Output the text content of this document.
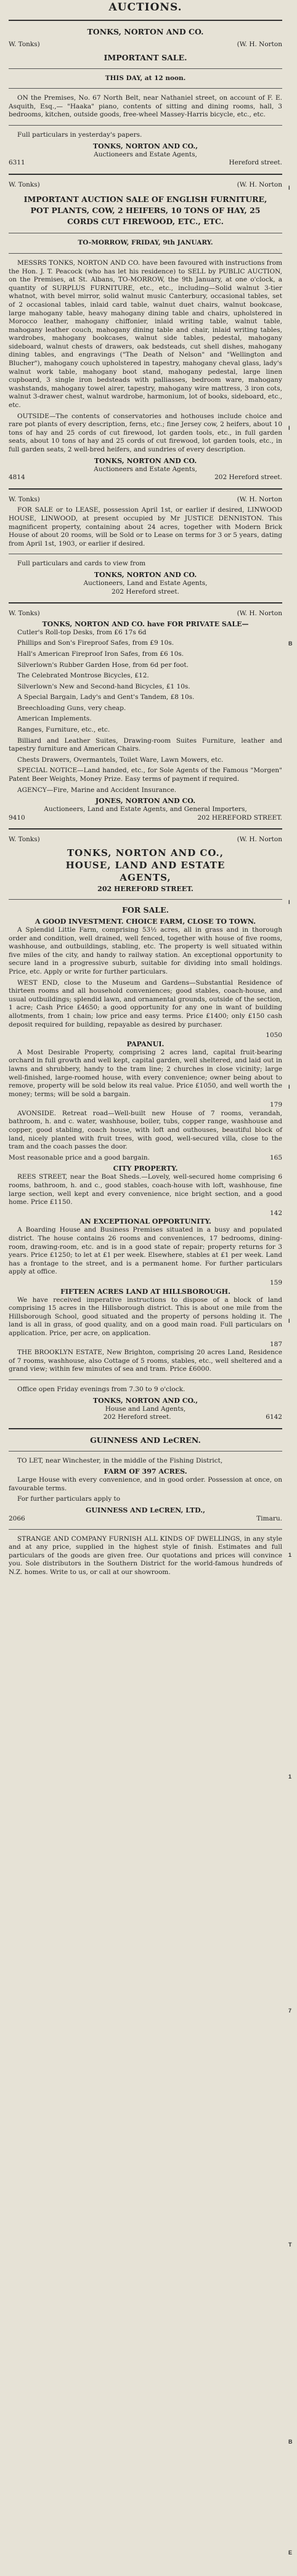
I
I
B
I
I
I
1
1
7
T
B
E
AUCTIONS.
TONKS, NORTON AND CO.
W. Tonks)	(W. H. Norton
IMPORTANT SALE.
THIS DAY, at 12 noon.

ON the Premises, No. 67 North Belt, near Nathaniel street, on account of F. E. Asquith, Esq.,— "Haaka" piano, contents of sitting and dining rooms, hall, 3 bedrooms, kitchen, outside goods, free-wheel Massey-Harris bicycle, etc., etc.

Full particulars in yesterday's papers.

TONKS, NORTON AND CO.,
Auctioneers and Estate Agents,
6311	Hereford street.
W. Tonks)	(W. H. Norton
IMPORTANT AUCTION SALE OF ENGLISH FURNITURE, POT PLANTS, COW, 2 HEIFERS, 10 TONS OF HAY, 25 CORDS CUT FIREWOOD, ETC., ETC.
TO-MORROW, FRIDAY, 9th JANUARY.

MESSRS TONKS, NORTON AND CO. have been favoured with instructions from the Hon. J. T. Peacock (who has let his residence) to SELL by PUBLIC AUCTION, on the Premises, at St. Albans, TO-MORROW, the 9th January, at one o'clock, a quantity of SURPLUS FURNITURE, etc., etc., including—Solid walnut 3-tier whatnot, with bevel mirror, solid walnut music Canterbury, occasional tables, set of 2 occasional tables, inlaid card table, walnut duet chairs, walnut bookcase, large mahogany table, heavy mahogany dining table and chairs, upholstered in Morocco leather, mahogany chiffonier, inlaid writing table, walnut table, mahogany leather couch, mahogany dining table and chair, inlaid writing tables, wardrobes, mahogany bookcases, walnut side tables, pedestal, mahogany sideboard, walnut chests of drawers, oak bedsteads, cut shell dishes, mahogany dining tables, and engravings ("The Death of Nelson" and "Wellington and Blucher"), mahogany couch upholstered in tapestry, mahogany cheval glass, lady's walnut work table, mahogany boot stand, mahogany pedestal, large linen cupboard, 3 single iron bedsteads with palliasses, bedroom ware, mahogany washstands, mahogany towel airer, tapestry, mahogany wire mattress, 3 iron cots, walnut 3-drawer chest, walnut wardrobe, harmonium, lot of books, sideboard, etc., etc.

OUTSIDE—The contents of conservatories and hothouses include choice and rare pot plants of every description, ferns, etc.; fine Jersey cow, 2 heifers, about 10 tons of hay and 25 cords of cut firewood, lot garden tools, etc., in full garden seats, about 10 tons of hay and 25 cords of cut firewood, lot garden tools, etc., in full garden seats, 2 well-bred heifers, and sundries of every description.

TONKS, NORTON AND CO.
Auctioneers and Estate Agents,
4814	202 Hereford street.
W. Tonks)	(W. H. Norton

FOR SALE or to LEASE, possession April 1st, or earlier if desired, LINWOOD HOUSE, LINWOOD, at present occupied by Mr JUSTICE DENNISTON. This magnificent property, containing about 24 acres, together with Modern Brick House of about 20 rooms, will be Sold or to Lease on terms for 3 or 5 years, dating from April 1st, 1903, or earlier if desired.

Full particulars and cards to view from

TONKS, NORTON AND CO.
Auctioneers, Land and Estate Agents,
202 Hereford street.
W. Tonks)	(W. H. Norton
TONKS, NORTON AND CO. have FOR PRIVATE SALE—

Cutler's Roll-top Desks, from £6 17s 6d

Phillips and Son's Fireproof Safes, from £9 10s.

Hall's American Fireproof Iron Safes, from £6 10s.

Silverlown's Rubber Garden Hose, from 6d per foot.

The Celebrated Montrose Bicycles, £12.

Silverlown's New and Second-hand Bicycles, £1 10s.

A Special Bargain, Lady's and Gent's Tandem, £8 10s.

Breechloading Guns, very cheap.

American Implements.

Ranges, Furniture, etc., etc.

Billiard and Leather Suites, Drawing-room Suites Furniture, leather and tapestry furniture and American Chairs.

Chests Drawers, Overmantels, Toilet Ware, Lawn Mowers, etc.

SPECIAL NOTICE—Land handed, etc., for Sole Agents of the Famous "Morgen" Patent Beer Weights, Money Prize. Easy terms of payment if required.

AGENCY—Fire, Marine and Accident Insurance.

JONES, NORTON AND CO.
Auctioneers, Land and Estate Agents, and General Importers,
9410	202 HEREFORD STREET.
W. Tonks)	(W. H. Norton
TONKS, NORTON AND CO.,
HOUSE, LAND AND ESTATE
AGENTS,
202 HEREFORD STREET.
FOR SALE.
A GOOD INVESTMENT. CHOICE FARM, CLOSE TO TOWN.

A Splendid Little Farm, comprising 53½ acres, all in grass and in thorough order and condition, well drained, well fenced, together with house of five rooms, washhouse, and outbuildings, stabling, etc. The property is well situated within five miles of the city, and handy to railway station. An exceptional opportunity to secure land in a progressive suburb, suitable for dividing into small holdings. Price, etc. Apply or write for further particulars.

WEST END, close to the Museum and Gardens—Substantial Residence of thirteen rooms and all household conveniences; good stables, coach-house, and usual outbuildings; splendid lawn, and ornamental grounds, outside of the section, 1 acre; Cash Price £4650; a good opportunity for any one in want of building allotments, from 1 chain; low price and easy terms. Price £1400; only £150 cash deposit required for building, repayable as desired by purchaser.

1050
PAPANUI.

A Most Desirable Property, comprising 2 acres land, capital fruit-bearing orchard in full growth and well kept, capital garden, well sheltered, and laid out in lawns and shrubbery, handy to the tram line; 2 churches in close vicinity; large well-finished, large-roomed house, with every convenience; owner being about to remove, property will be sold below its real value. Price £1050, and well worth the money; terms; will be sold a bargain.

179

AVONSIDE. Retreat road—Well-built new House of 7 rooms, verandah, bathroom, h. and c. water, washhouse, boiler, tubs, copper range, washhouse and copper, good stabling, coach house, with loft and outhouses, beautiful block of land, nicely planted with fruit trees, with good, well-secured villa, close to the tram and the coach passes the door.

Most reasonable price and a good bargain.	165
CITY PROPERTY.

REES STREET, near the Boat Sheds.—Lovely, well-secured home comprising 6 rooms, bathroom, h. and c., good stables, coach-house with loft, washhouse, fine large section, well kept and every convenience, nice bright section, and a good home. Price £1150.

142
AN EXCEPTIONAL OPPORTUNITY.

A Boarding House and Business Premises situated in a busy and populated district. The house contains 26 rooms and conveniences, 17 bedrooms, dining-room, drawing-room, etc. and is in a good state of repair; property returns for 3 years. Price £1250; to let at £1 per week. Elsewhere, stables at £1 per week. Land has a frontage to the street, and is a permanent home. For further particulars apply at office.

159
FIFTEEN ACRES LAND AT HILLSBOROUGH.

We have received imperative instructions to dispose of a block of land comprising 15 acres in the Hillsborough district. This is about one mile from the Hillsborough School, good situated and the property of persons holding it. The land is all in grass, of good quality, and on a good main road. Full particulars on application. Price, per acre, on application.

187

THE BROOKLYN ESTATE, New Brighton, comprising 20 acres Land, Residence of 7 rooms, washhouse, also Cottage of 5 rooms, stables, etc., well sheltered and a grand view; within few minutes of sea and tram. Price £6000.

Office open Friday evenings from 7.30 to 9 o'clock.

TONKS, NORTON AND CO.,
House and Land Agents,
202 Hereford street.	6142
GUINNESS AND LeCREN.

TO LET, near Winchester, in the middle of the Fishing District,

FARM OF 397 ACRES.

Large House with every convenience, and in good order. Possession at once, on favourable terms.

For further particulars apply to

GUINNESS AND LeCREN, LTD.,
2066	Timaru.

STRANGE AND COMPANY FURNISH ALL KINDS OF DWELLINGS, in any style and at any price, supplied in the highest style of finish. Estimates and full particulars of the goods are given free. Our quotations and prices will convince you. Sole distributors in the Southern District for the world-famous hundreds of N.Z. homes. Write to us, or call at our showroom.
